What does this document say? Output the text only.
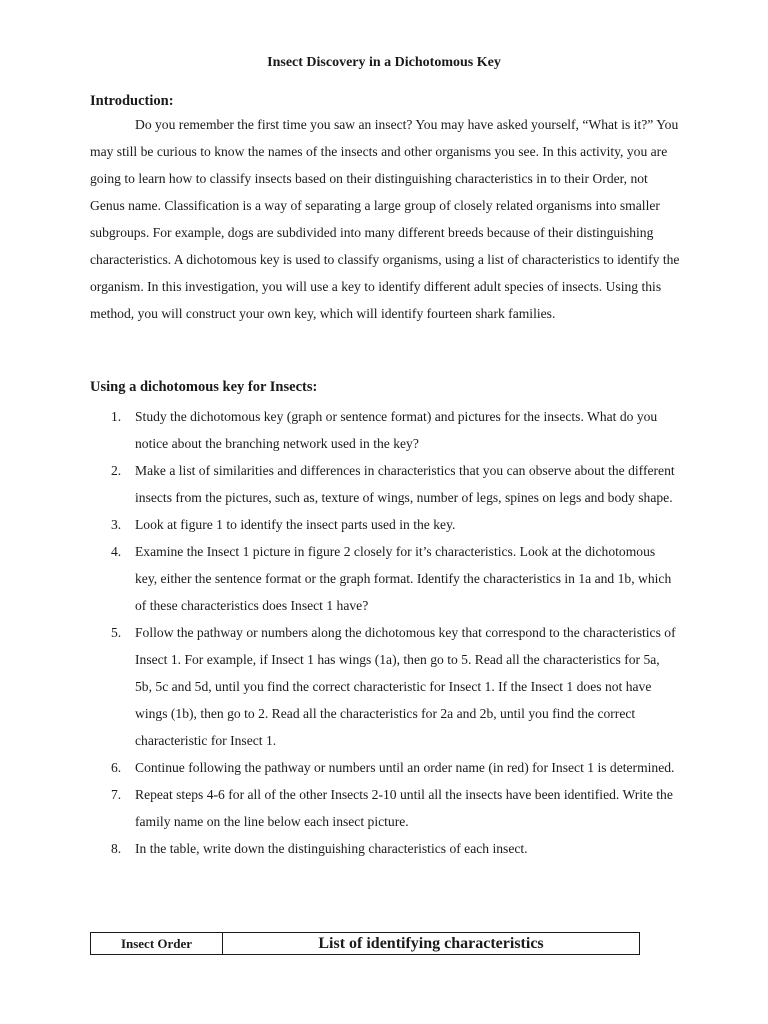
Insect Discovery in a Dichotomous Key
Introduction:

Do you remember the first time you saw an insect? You may have asked yourself, “What is it?” You may still be curious to know the names of the insects and other organisms you see. In this activity, you are going to learn how to classify insects based on their distinguishing characteristics in to their Order, not Genus name. Classification is a way of separating a large group of closely related organisms into smaller subgroups. For example, dogs are subdivided into many different breeds because of their distinguishing characteristics. A dichotomous key is used to classify organisms, using a list of characteristics to identify the organism. In this investigation, you will use a key to identify different adult species of insects. Using this method, you will construct your own key, which will identify fourteen shark families.

Using a dichotomous key for Insects:
1. Study the dichotomous key (graph or sentence format) and pictures for the insects. What do you notice about the branching network used in the key?
2. Make a list of similarities and differences in characteristics that you can observe about the different insects from the pictures, such as, texture of wings, number of legs, spines on legs and body shape.
3. Look at figure 1 to identify the insect parts used in the key.
4. Examine the Insect 1 picture in figure 2 closely for it’s characteristics. Look at the dichotomous key, either the sentence format or the graph format. Identify the characteristics in 1a and 1b, which of these characteristics does Insect 1 have?
5. Follow the pathway or numbers along the dichotomous key that correspond to the characteristics of Insect 1. For example, if Insect 1 has wings (1a), then go to 5. Read all the characteristics for 5a, 5b, 5c and 5d, until you find the correct characteristic for Insect 1. If the Insect 1 does not have wings (1b), then go to 2. Read all the characteristics for 2a and 2b, until you find the correct characteristic for Insect 1.
6. Continue following the pathway or numbers until an order name (in red) for Insect 1 is determined.
7. Repeat steps 4-6 for all of the other Insects 2-10 until all the insects have been identified. Write the family name on the line below each insect picture.
8. In the table, write down the distinguishing characteristics of each insect.
Insect Order	List of identifying characteristics
